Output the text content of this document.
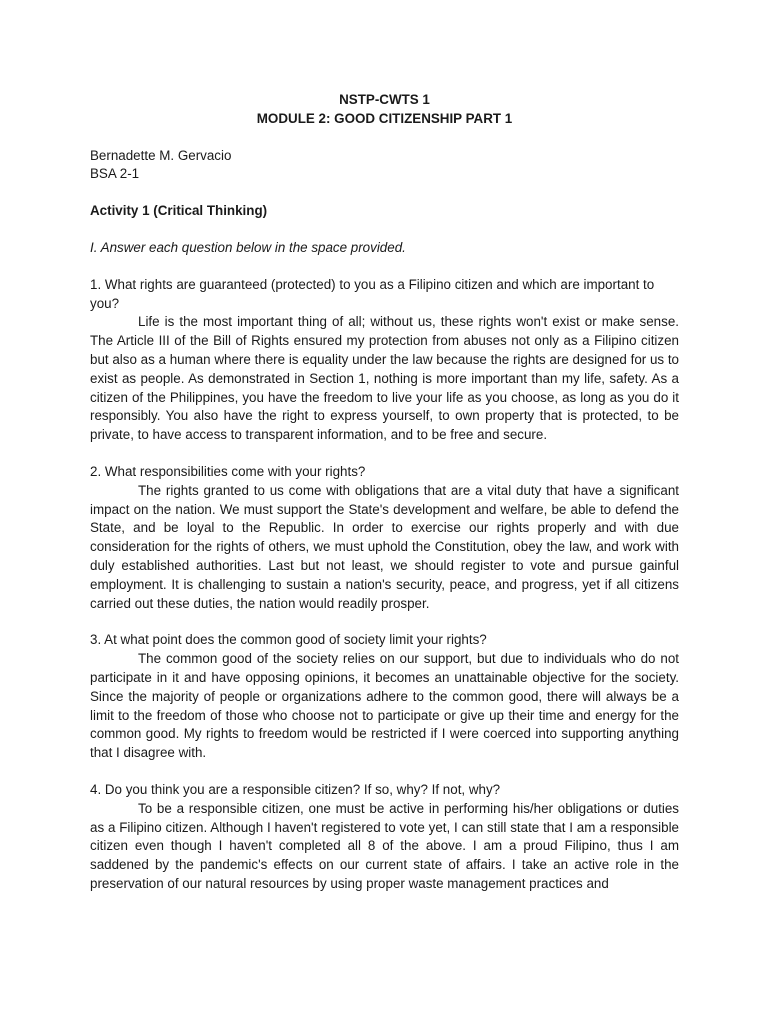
NSTP-CWTS 1
MODULE 2: GOOD CITIZENSHIP PART 1
Bernadette M. Gervacio
BSA 2-1
Activity 1 (Critical Thinking)
I. Answer each question below in the space provided.

1. What rights are guaranteed (protected) to you as a Filipino citizen and which are important to you?

Life is the most important thing of all; without us, these rights won't exist or make sense. The Article III of the Bill of Rights ensured my protection from abuses not only as a Filipino citizen but also as a human where there is equality under the law because the rights are designed for us to exist as people. As demonstrated in Section 1, nothing is more important than my life, safety. As a citizen of the Philippines, you have the freedom to live your life as you choose, as long as you do it responsibly. You also have the right to express yourself, to own property that is protected, to be private, to have access to transparent information, and to be free and secure.

2. What responsibilities come with your rights?

The rights granted to us come with obligations that are a vital duty that have a significant impact on the nation. We must support the State's development and welfare, be able to defend the State, and be loyal to the Republic. In order to exercise our rights properly and with due consideration for the rights of others, we must uphold the Constitution, obey the law, and work with duly established authorities. Last but not least, we should register to vote and pursue gainful employment. It is challenging to sustain a nation's security, peace, and progress, yet if all citizens carried out these duties, the nation would readily prosper.

3. At what point does the common good of society limit your rights?

The common good of the society relies on our support, but due to individuals who do not participate in it and have opposing opinions, it becomes an unattainable objective for the society. Since the majority of people or organizations adhere to the common good, there will always be a limit to the freedom of those who choose not to participate or give up their time and energy for the common good. My rights to freedom would be restricted if I were coerced into supporting anything that I disagree with.

4. Do you think you are a responsible citizen? If so, why? If not, why?

To be a responsible citizen, one must be active in performing his/her obligations or duties as a Filipino citizen. Although I haven't registered to vote yet, I can still state that I am a responsible citizen even though I haven't completed all 8 of the above. I am a proud Filipino, thus I am saddened by the pandemic's effects on our current state of affairs. I take an active role in the preservation of our natural resources by using proper waste management practices and
